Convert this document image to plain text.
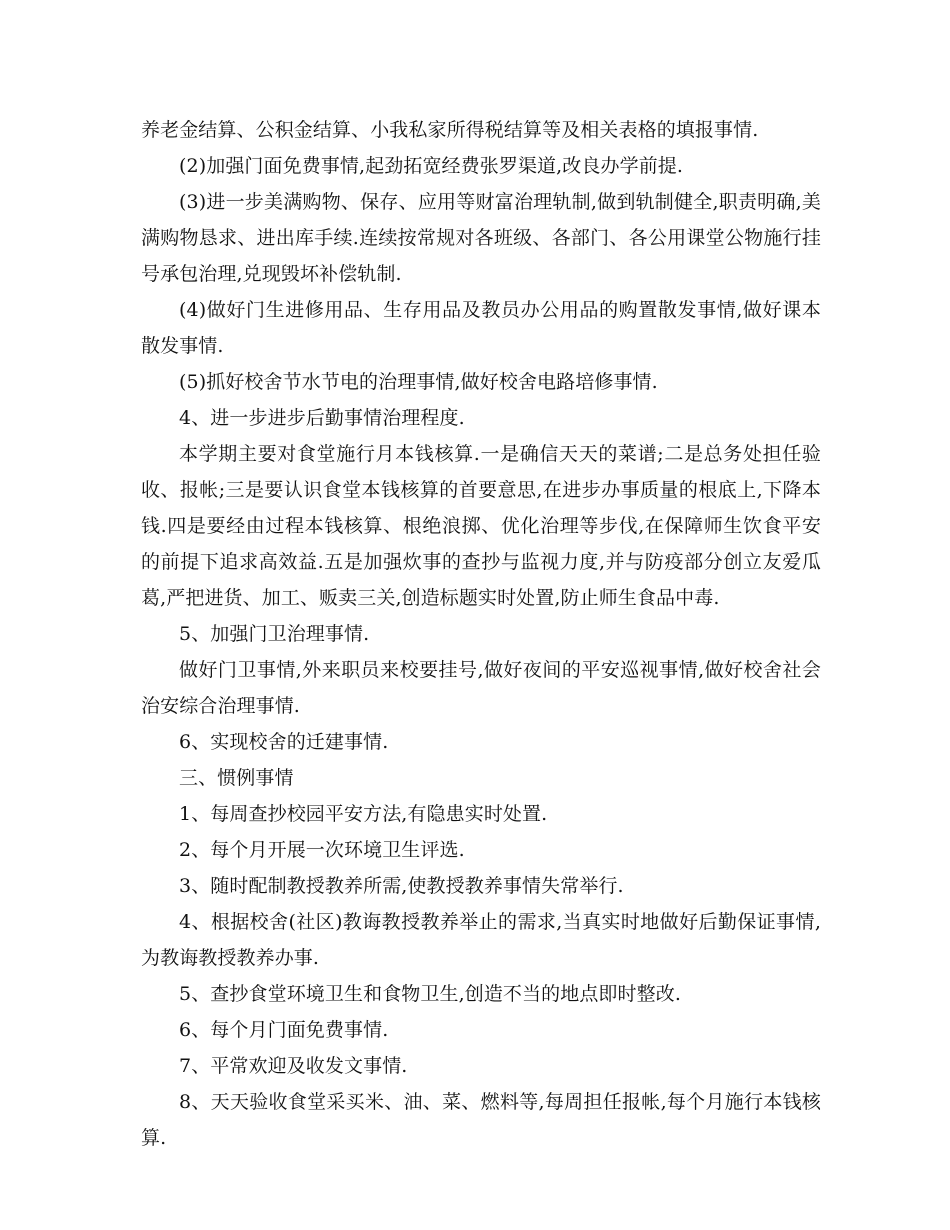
养老金结算、公积金结算、小我私家所得税结算等及相关表格的填报事情.

(2)加强门面免费事情,起劲拓宽经费张罗渠道,改良办学前提.

(3)进一步美满购物、保存、应用等财富治理轨制,做到轨制健全,职责明确,美满购物恳求、进出库手续.连续按常规对各班级、各部门、各公用课堂公物施行挂号承包治理,兑现毁坏补偿轨制.

(4)做好门生进修用品、生存用品及教员办公用品的购置散发事情,做好课本散发事情.

(5)抓好校舍节水节电的治理事情,做好校舍电路培修事情.

4、进一步进步后勤事情治理程度.

本学期主要对食堂施行月本钱核算.一是确信天天的菜谱;二是总务处担任验收、报帐;三是要认识食堂本钱核算的首要意思,在进步办事质量的根底上,下降本钱.四是要经由过程本钱核算、根绝浪掷、优化治理等步伐,在保障师生饮食平安的前提下追求高效益.五是加强炊事的查抄与监视力度,并与防疫部分创立友爱瓜葛,严把进货、加工、贩卖三关,创造标题实时处置,防止师生食品中毒.

5、加强门卫治理事情.

做好门卫事情,外来职员来校要挂号,做好夜间的平安巡视事情,做好校舍社会治安综合治理事情.

6、实现校舍的迁建事情.

三、惯例事情

1、每周查抄校园平安方法,有隐患实时处置.

2、每个月开展一次环境卫生评选.

3、随时配制教授教养所需,使教授教养事情失常举行.

4、根据校舍(社区)教诲教授教养举止的需求,当真实时地做好后勤保证事情,为教诲教授教养办事.

5、查抄食堂环境卫生和食物卫生,创造不当的地点即时整改.

6、每个月门面免费事情.

7、平常欢迎及收发文事情.

8、天天验收食堂采买米、油、菜、燃料等,每周担任报帐,每个月施行本钱核算.
